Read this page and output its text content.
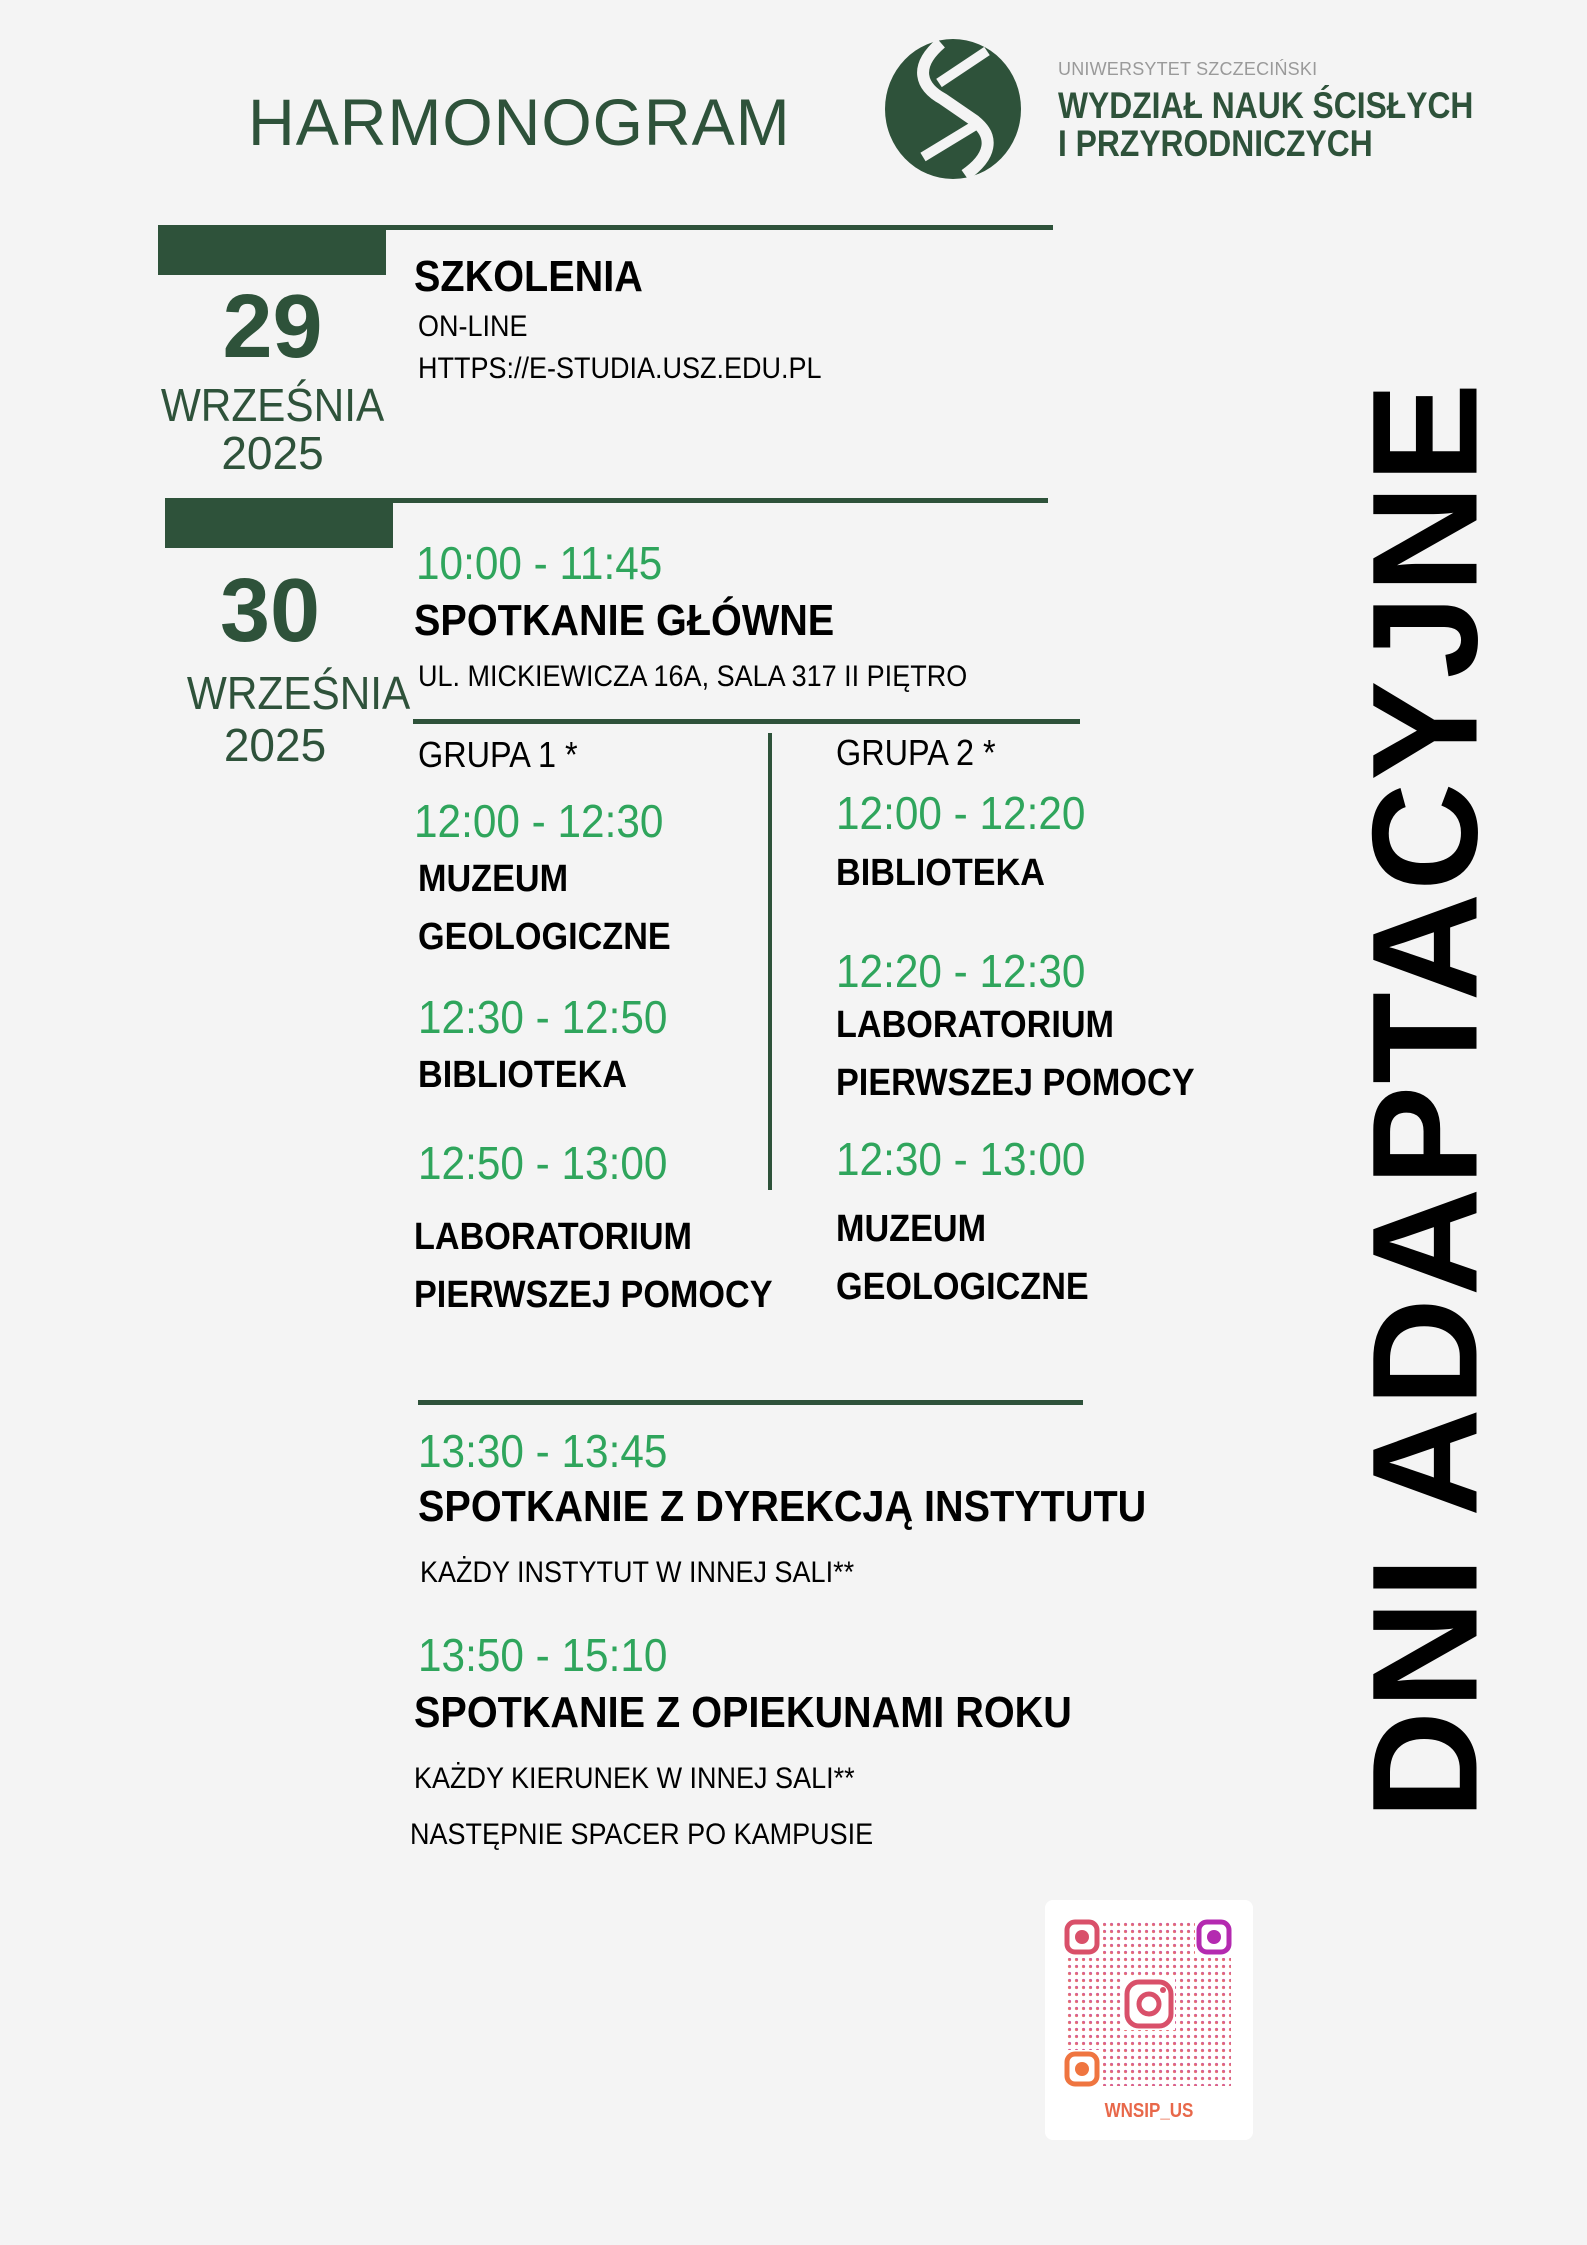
HARMONOGRAM
UNIWERSYTET SZCZECIŃSKI
WYDZIAŁ NAUK ŚCISŁYCH
I PRZYRODNICZYCH
29
WRZEŚNIA
2025
SZKOLENIA
ON-LINE
HTTPS://E-STUDIA.USZ.EDU.PL
30
WRZEŚNIA
2025
10:00 - 11:45
SPOTKANIE GŁÓWNE
UL. MICKIEWICZA 16A, SALA 317 II PIĘTRO
GRUPA 1 *
12:00 - 12:30
MUZEUM
GEOLOGICZNE
12:30 - 12:50
BIBLIOTEKA
12:50 - 13:00
LABORATORIUM
PIERWSZEJ POMOCY
GRUPA 2 *
12:00 - 12:20
BIBLIOTEKA
12:20 - 12:30
LABORATORIUM
PIERWSZEJ POMOCY
12:30 - 13:00
MUZEUM
GEOLOGICZNE
13:30 - 13:45
SPOTKANIE Z DYREKCJĄ INSTYTUTU
KAŻDY INSTYTUT W INNEJ SALI**
13:50 - 15:10
SPOTKANIE Z OPIEKUNAMI ROKU
KAŻDY KIERUNEK W INNEJ SALI**
NASTĘPNIE SPACER PO KAMPUSIE
DNI ADAPTACYJNE
WNSIP_US
